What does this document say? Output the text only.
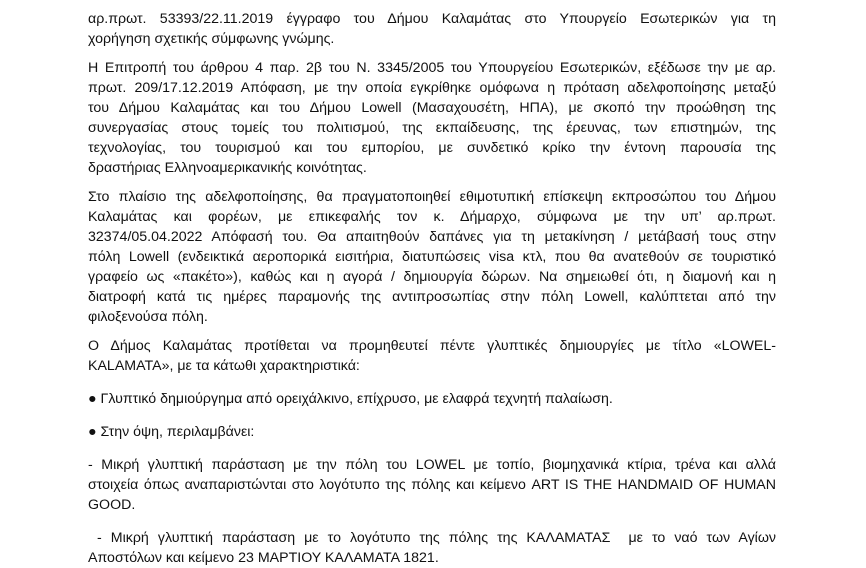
αρ.πρωτ. 53393/22.11.2019 έγγραφο του Δήμου Καλαμάτας στο Υπουργείο Εσωτερικών για τη
χορήγηση σχετικής σύμφωνης γνώμης.
Η Επιτροπή του άρθρου 4 παρ. 2β του Ν. 3345/2005 του Υπουργείου Εσωτερικών, εξέδωσε την με αρ.
πρωτ. 209/17.12.2019 Απόφαση, με την οποία εγκρίθηκε ομόφωνα η πρόταση αδελφοποίησης μεταξύ
του Δήμου Καλαμάτας και του Δήμου Lowell (Μασαχουσέτη, ΗΠΑ), με σκοπό την προώθηση της
συνεργασίας στους τομείς του πολιτισμού, της εκπαίδευσης, της έρευνας, των επιστημών, της
τεχνολογίας, του τουρισμού και του εμπορίου, με συνδετικό κρίκο την έντονη παρουσία της
δραστήριας Ελληνοαμερικανικής κοινότητας.
Στο πλαίσιο της αδελφοποίησης, θα πραγματοποιηθεί εθιμοτυπική επίσκεψη εκπροσώπου του Δήμου
Καλαμάτας και φορέων, με επικεφαλής τον κ. Δήμαρχο, σύμφωνα με την υπ’ αρ.πρωτ.
32374/05.04.2022 Απόφασή του. Θα απαιτηθούν δαπάνες για τη μετακίνηση / μετάβασή τους στην
πόλη Lowell (ενδεικτικά αεροπορικά εισιτήρια, διατυπώσεις visa κτλ, που θα ανατεθούν σε τουριστικό
γραφείο ως «πακέτο»), καθώς και η αγορά / δημιουργία δώρων. Να σημειωθεί ότι, η διαμονή και η
διατροφή κατά τις ημέρες παραμονής της αντιπροσωπίας στην πόλη Lowell, καλύπτεται από την
φιλοξενούσα πόλη.
Ο Δήμος Καλαμάτας προτίθεται να προμηθευτεί πέντε γλυπτικές δημιουργίες με τίτλο «LOWEL-
KALAMATA», με τα κάτωθι χαρακτηριστικά:
● Γλυπτικό δημιούργημα από ορειχάλκινο, επίχρυσο, με ελαφρά τεχνητή παλαίωση.
● Στην όψη, περιλαμβάνει:
- Μικρή γλυπτική παράσταση με την πόλη του LOWEL με τοπίο, βιομηχανικά κτίρια, τρένα και αλλά
στοιχεία όπως αναπαριστώνται στο λογότυπο της πόλης και κείμενο ART IS THE HANDMAID OF HUMAN
GOOD.
- Μικρή γλυπτική παράσταση με το λογότυπο της πόλης της ΚΑΛΑΜΑΤΑΣ  με το ναό των Αγίων
Αποστόλων και κείμενο 23 ΜΑΡΤΙΟΥ ΚΑΛΑΜΑΤΑ 1821.
